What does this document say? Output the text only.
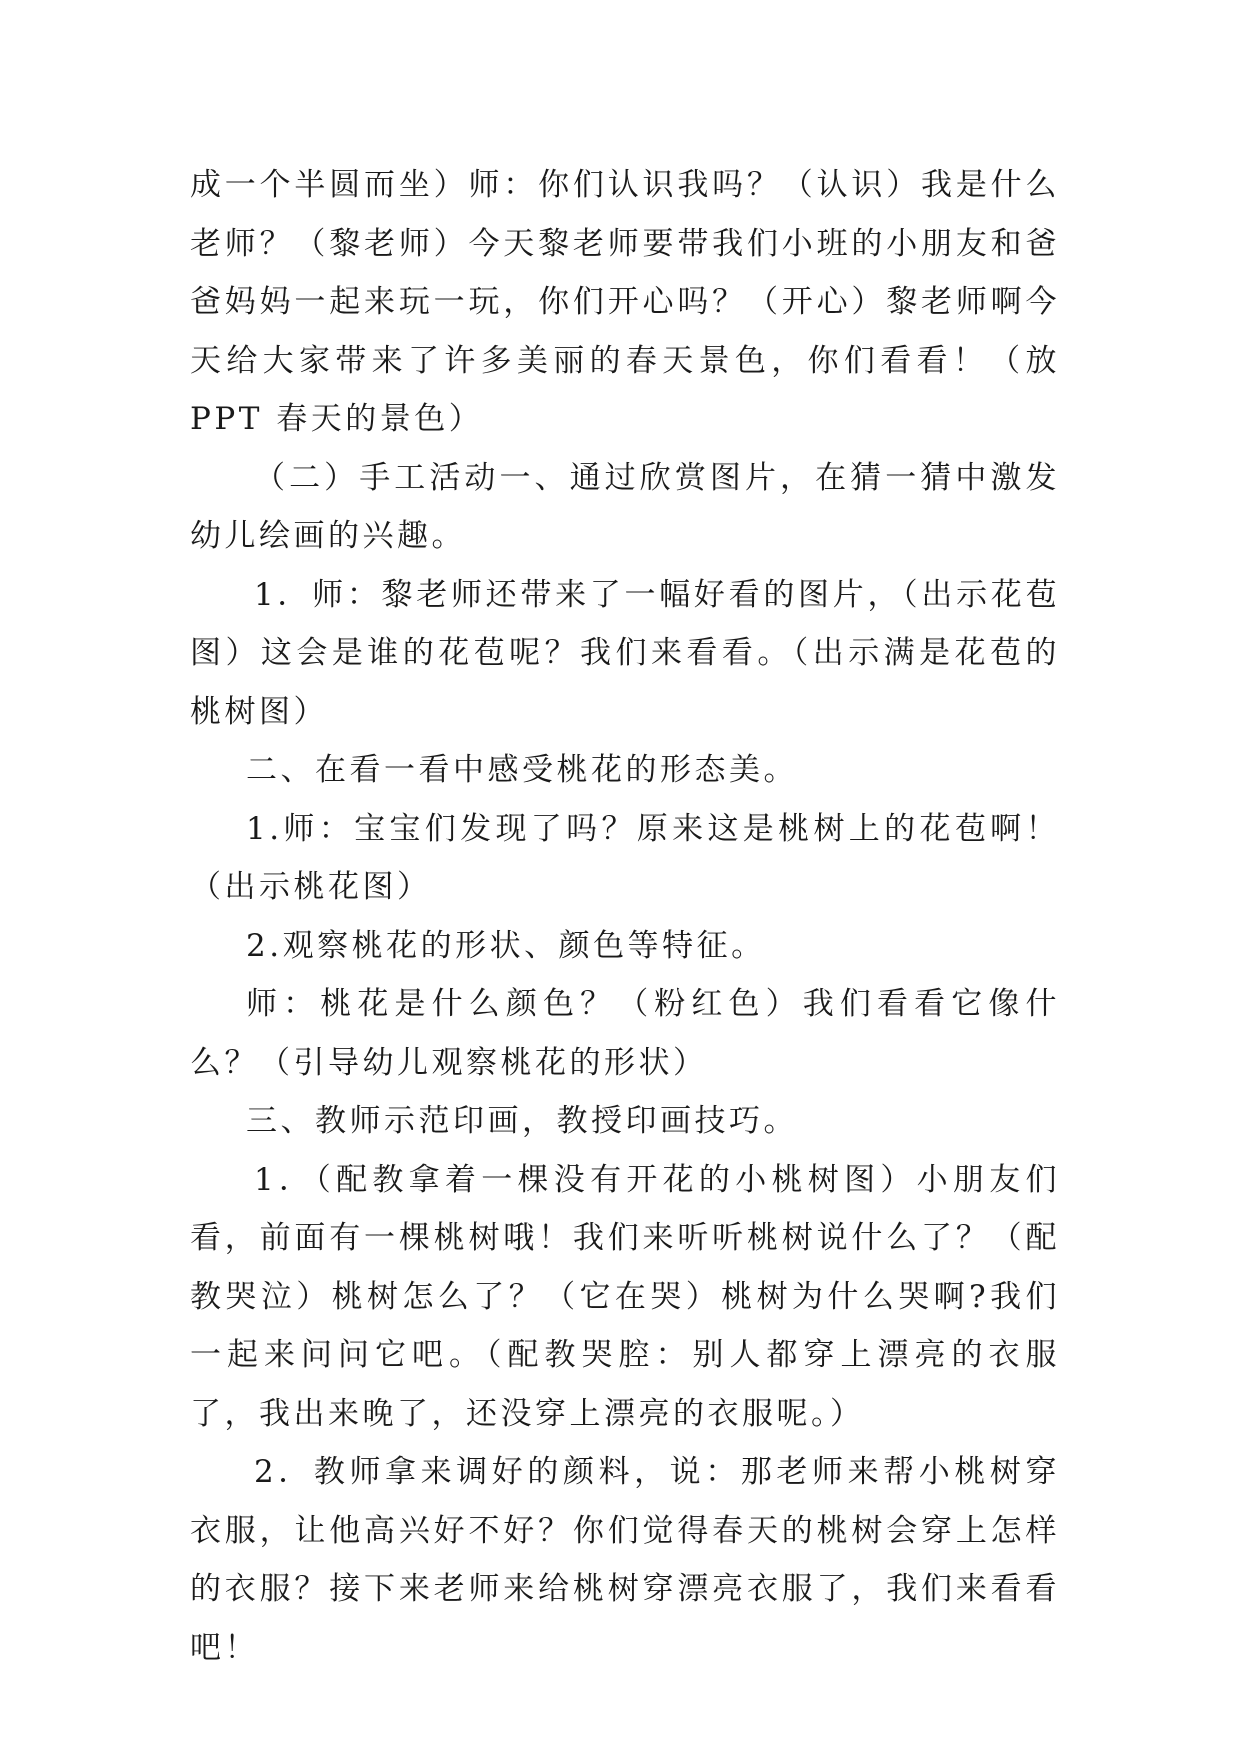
成一个半圆而坐）师：你们认识我吗？（认识）我是什么老师？（黎老师）今天黎老师要带我们小班的小朋友和爸爸妈妈一起来玩一玩，你们开心吗？（开心）黎老师啊今天给大家带来了许多美丽的春天景色，你们看看！（放 PPT 春天的景色）

（二）手工活动一、通过欣赏图片，在猜一猜中激发幼儿绘画的兴趣。

1．师：黎老师还带来了一幅好看的图片，（出示花苞图）这会是谁的花苞呢？我们来看看。（出示满是花苞的桃树图）

二、在看一看中感受桃花的形态美。

1.师：宝宝们发现了吗？原来这是桃树上的花苞啊！（出示桃花图）

2.观察桃花的形状、颜色等特征。

师：桃花是什么颜色？（粉红色）我们看看它像什么？（引导幼儿观察桃花的形状）

三、教师示范印画，教授印画技巧。

1．（配教拿着一棵没有开花的小桃树图）小朋友们看，前面有一棵桃树哦！我们来听听桃树说什么了？（配教哭泣）桃树怎么了？（它在哭）桃树为什么哭啊?我们一起来问问它吧。（配教哭腔：别人都穿上漂亮的衣服了，我出来晚了，还没穿上漂亮的衣服呢。）

2．教师拿来调好的颜料，说：那老师来帮小桃树穿衣服，让他高兴好不好？你们觉得春天的桃树会穿上怎样的衣服？接下来老师来给桃树穿漂亮衣服了，我们来看看吧！
